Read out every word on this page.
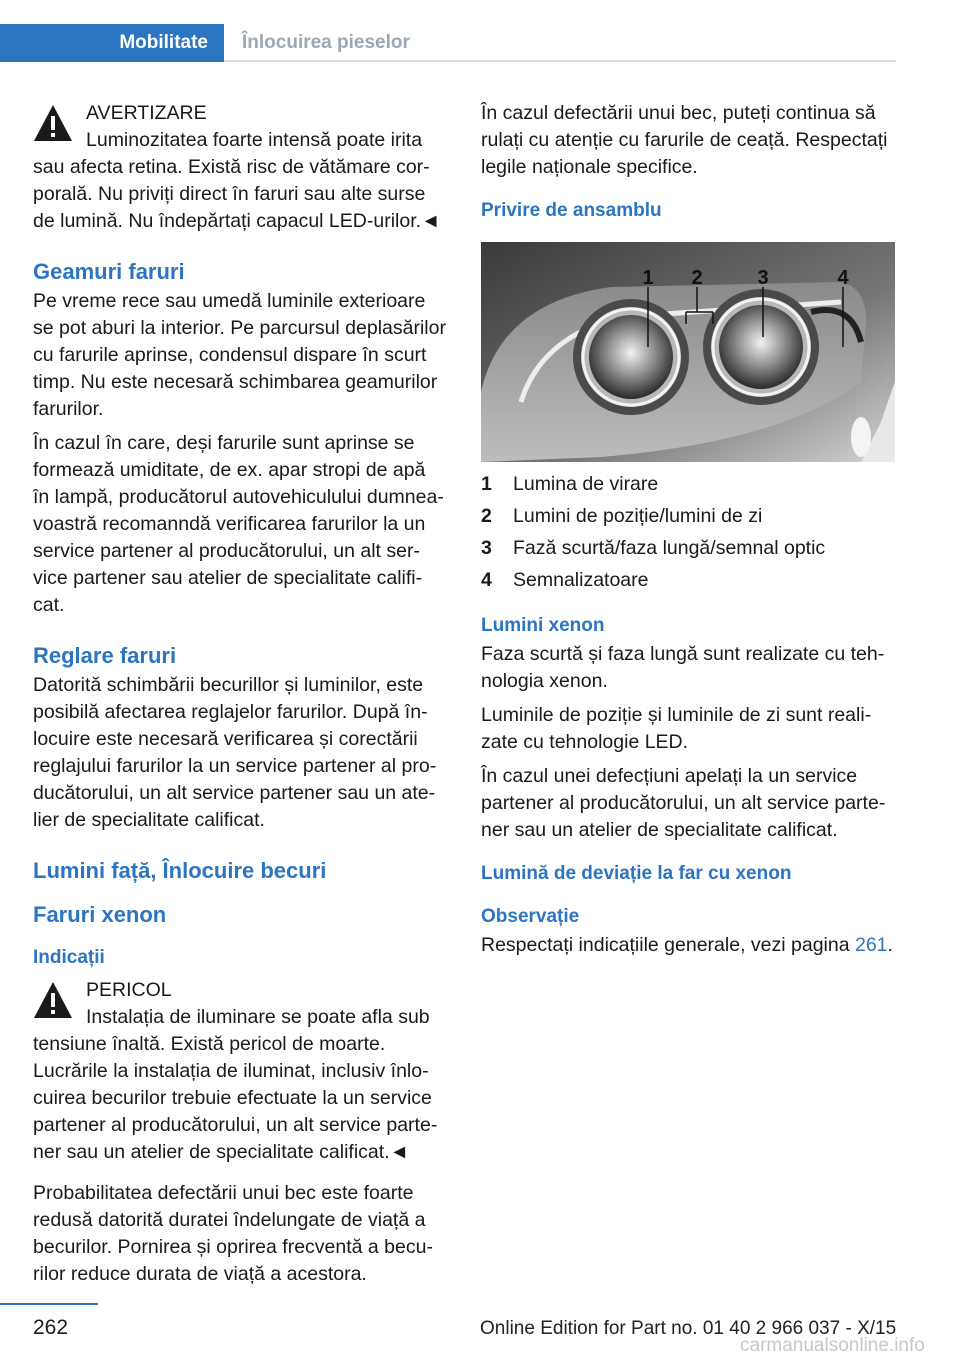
Mobilitate	Înlocuirea pieselor
AVERTIZARE
Luminozitatea foarte intensă poate irita
sau afecta retina. Există risc de vătămare corporală. Nu priviți direct în faruri sau alte surse de lumină. Nu îndepărtați capacul LED-urilor.◄
Geamuri faruri

Pe vreme rece sau umedă luminile exterioare se pot aburi la interior. Pe parcursul deplasărilor cu farurile aprinse, condensul dispare în scurt timp. Nu este necesară schimbarea geamurilor farurilor.

În cazul în care, deși farurile sunt aprinse se formează umiditate, de ex. apar stropi de apă în lampă, producătorul autovehiculului dumneavoastră recomanndă verificarea farurilor la un service partener al producătorului, un alt service partener sau atelier de specialitate calificat.

Reglare faruri

Datorită schimbării becurillor și luminilor, este posibilă afectarea reglajelor farurilor. După înlocuire este necesară verificarea și corectării reglajului farurilor la un service partener al producătorului, un alt service partener sau un atelier de specialitate calificat.

Lumini față, Înlocuire becuri
Faruri xenon
Indicații
PERICOL
Instalația de iluminare se poate afla sub
tensiune înaltă. Există pericol de moarte. Lucrările la instalația de iluminat, inclusiv înlocuirea becurilor trebuie efectuate la un service partener al producătorului, un alt service partener sau un atelier de specialitate calificat.◄

Probabilitatea defectării unui bec este foarte redusă datorită duratei îndelungate de viață a becurilor. Pornirea și oprirea frecventă a becurilor reduce durata de viață a acestora.

În cazul defectării unui bec, puteți continua să rulați cu atenție cu farurile de ceață. Respectați legile naționale specifice.

Privire de ansamblu
1 2	3	4
1 Lumina de virare
2 Lumini de poziție/lumini de zi
3 Fază scurtă/faza lungă/semnal optic
4 Semnalizatoare
Lumini xenon

Faza scurtă și faza lungă sunt realizate cu tehnologia xenon.

Luminile de poziție și luminile de zi sunt realizate cu tehnologie LED.

În cazul unei defecțiuni apelați la un service partener al producătorului, un alt service partener sau un atelier de specialitate calificat.

Lumină de deviație la far cu xenon
Observație

Respectați indicațiile generale, vezi pagina 261.

262	Online Edition for Part no. 01 40 2 966 037 - X/15
carmanualsonline.info
